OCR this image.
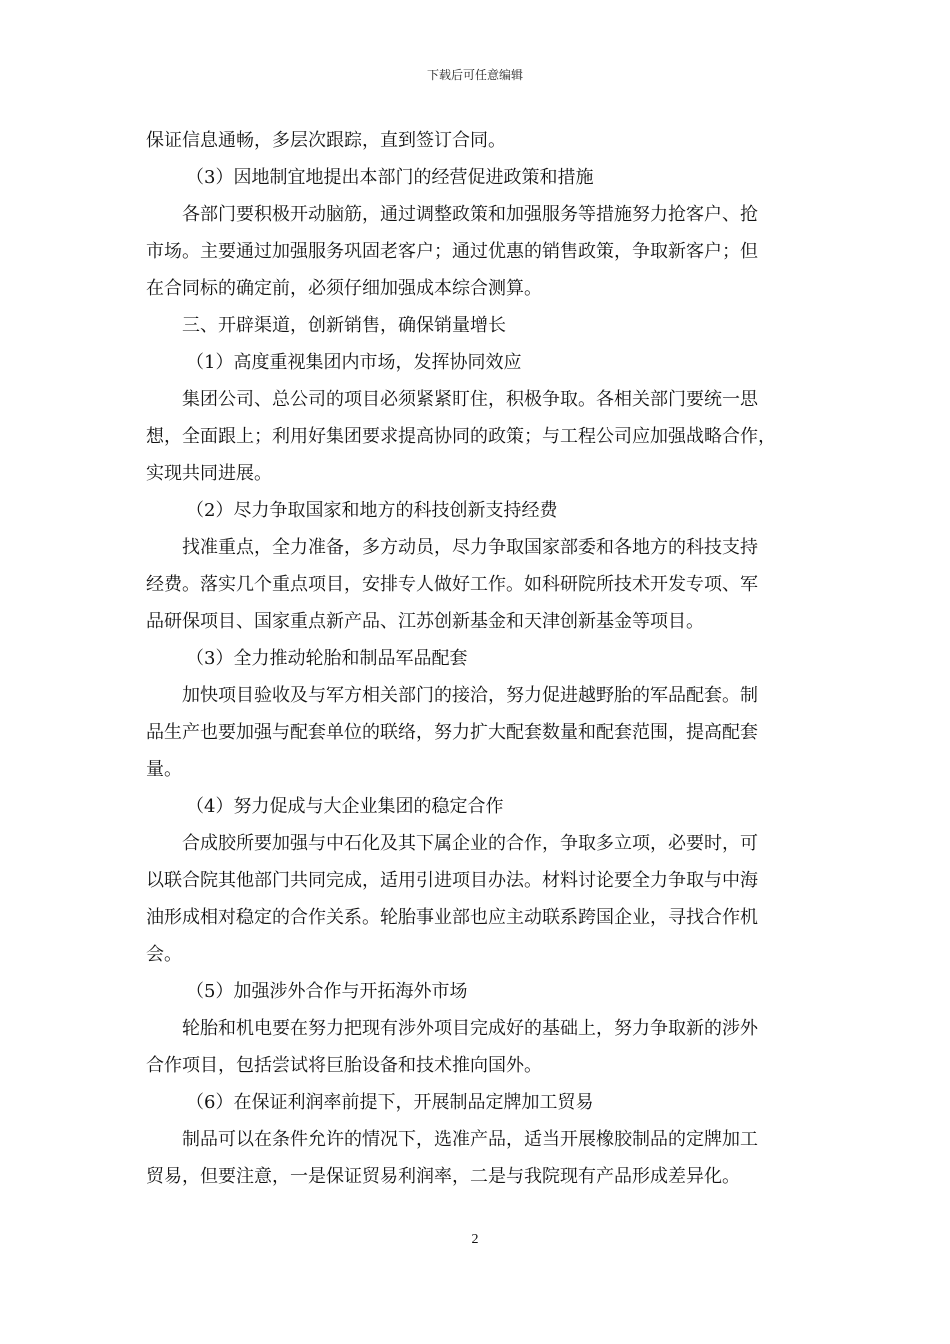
下载后可任意编辑
保证信息通畅，多层次跟踪，直到签订合同。
（3）因地制宜地提出本部门的经营促进政策和措施
各部门要积极开动脑筋，通过调整政策和加强服务等措施努力抢客户、抢
市场。主要通过加强服务巩固老客户；通过优惠的销售政策，争取新客户；但
在合同标的确定前，必须仔细加强成本综合测算。
三、开辟渠道，创新销售，确保销量增长
（1）高度重视集团内市场，发挥协同效应
集团公司、总公司的项目必须紧紧盯住，积极争取。各相关部门要统一思
想，全面跟上；利用好集团要求提高协同的政策；与工程公司应加强战略合作，
实现共同进展。
（2）尽力争取国家和地方的科技创新支持经费
找准重点，全力准备，多方动员，尽力争取国家部委和各地方的科技支持
经费。落实几个重点项目，安排专人做好工作。如科研院所技术开发专项、军
品研保项目、国家重点新产品、江苏创新基金和天津创新基金等项目。
（3）全力推动轮胎和制品军品配套
加快项目验收及与军方相关部门的接洽，努力促进越野胎的军品配套。制
品生产也要加强与配套单位的联络，努力扩大配套数量和配套范围，提高配套
量。
（4）努力促成与大企业集团的稳定合作
合成胶所要加强与中石化及其下属企业的合作，争取多立项，必要时，可
以联合院其他部门共同完成，适用引进项目办法。材料讨论要全力争取与中海
油形成相对稳定的合作关系。轮胎事业部也应主动联系跨国企业，寻找合作机
会。
（5）加强涉外合作与开拓海外市场
轮胎和机电要在努力把现有涉外项目完成好的基础上，努力争取新的涉外
合作项目，包括尝试将巨胎设备和技术推向国外。
（6）在保证利润率前提下，开展制品定牌加工贸易
制品可以在条件允许的情况下，选准产品，适当开展橡胶制品的定牌加工
贸易，但要注意，一是保证贸易利润率，二是与我院现有产品形成差异化。
2
